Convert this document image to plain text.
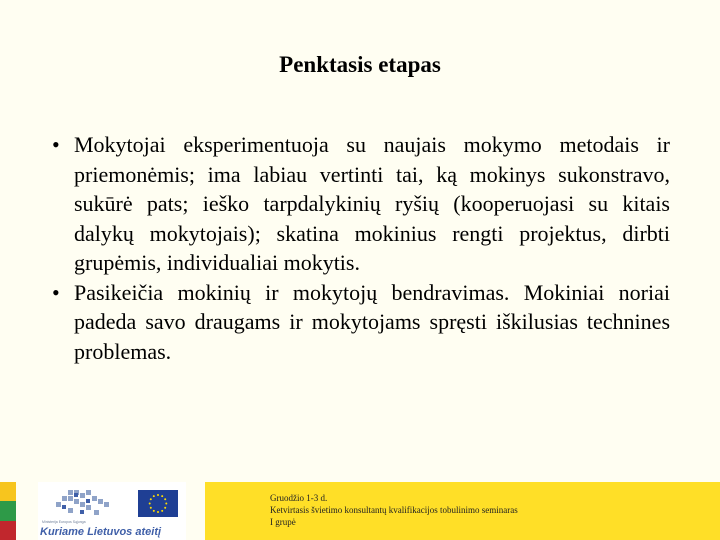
Penktasis etapas
• Mokytojai eksperimentuoja su naujais mokymo metodais ir priemonėmis; ima labiau vertinti tai, ką mokinys sukonstravo, sukūrė pats; ieško tarpdalykinių ryšių (kooperuojasi su kitais dalykų mokytojais); skatina mokinius rengti projektus, dirbti grupėmis, individualiai mokytis.
• Pasikeičia mokinių ir mokytojų bendravimas. Mokiniai noriai padeda savo draugams ir mokytojams spręsti iškilusias technines problemas.
Ministerija Europos Sąjunga
Kuriame Lietuvos ateitį
Gruodžio 1-3 d.
Ketvirtasis švietimo konsultantų kvalifikacijos tobulinimo seminaras
I grupė
